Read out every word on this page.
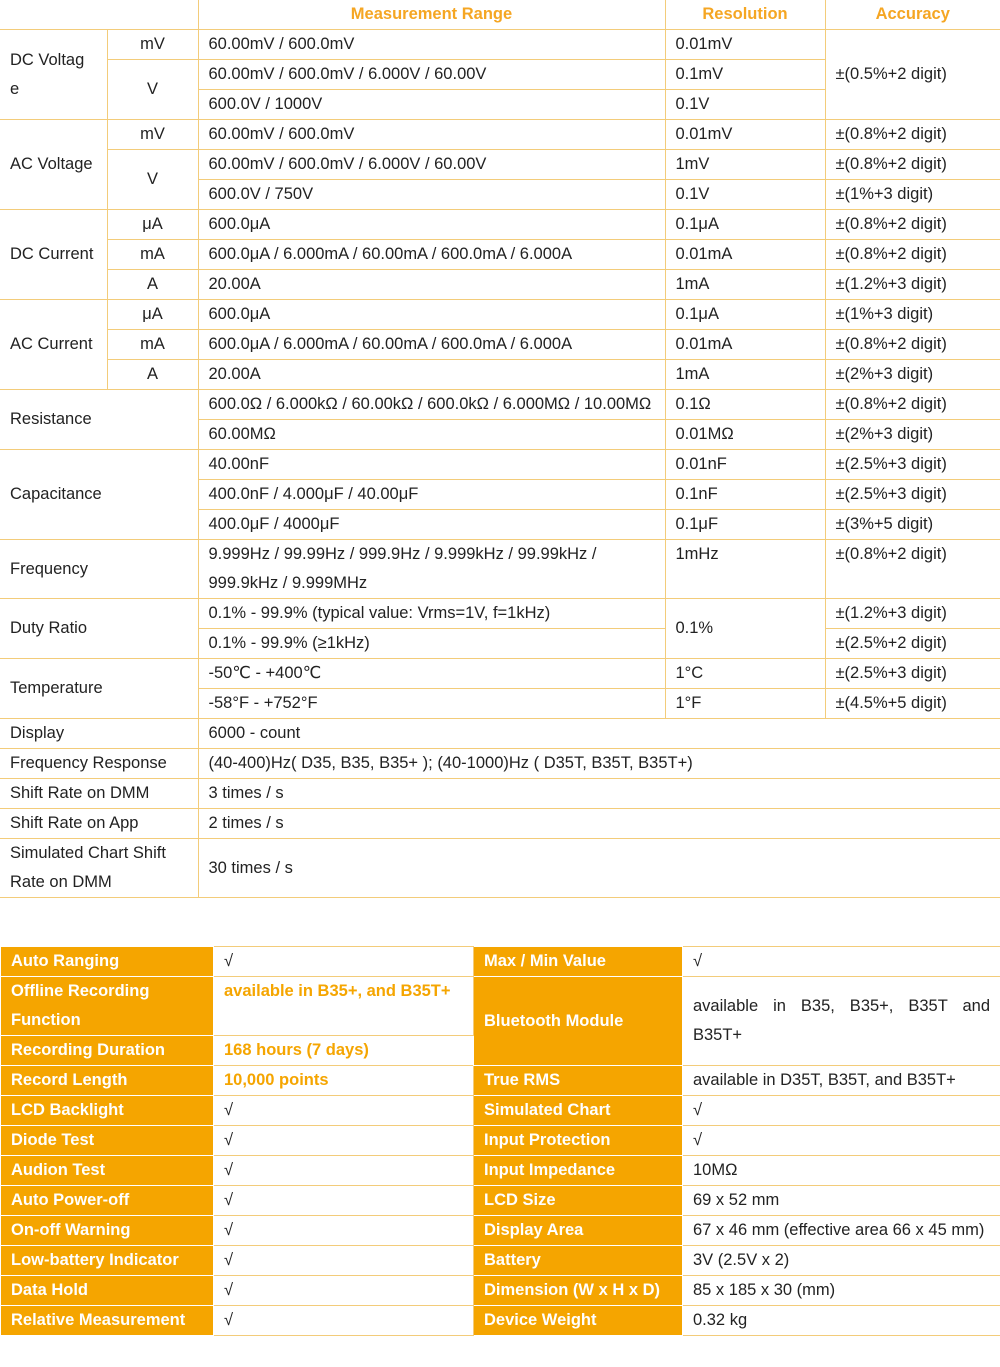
		Measurement Range	Resolution	Accuracy
DC Voltag e	mV	60.00mV / 600.0mV	0.01mV	±(0.5%+2 digit)
	V	60.00mV / 600.0mV / 6.000V / 60.00V	0.1mV	
		600.0V / 1000V	0.1V	
AC Voltage	mV	60.00mV / 600.0mV	0.01mV	±(0.8%+2 digit)
	V	60.00mV / 600.0mV / 6.000V / 60.00V	1mV	±(0.8%+2 digit)
		600.0V / 750V	0.1V	±(1%+3 digit)
DC Current	μA	600.0μA	0.1μA	±(0.8%+2 digit)
	mA	600.0μA / 6.000mA / 60.00mA / 600.0mA / 6.000A	0.01mA	±(0.8%+2 digit)
	A	20.00A	1mA	±(1.2%+3 digit)
AC Current	μA	600.0μA	0.1μA	±(1%+3 digit)
	mA	600.0μA / 6.000mA / 60.00mA / 600.0mA / 6.000A	0.01mA	±(0.8%+2 digit)
	A	20.00A	1mA	±(2%+3 digit)
Resistance		600.0Ω / 6.000kΩ / 60.00kΩ / 600.0kΩ / 6.000MΩ / 10.00MΩ	0.1Ω	±(0.8%+2 digit)
		60.00MΩ	0.01MΩ	±(2%+3 digit)
Capacitance		40.00nF	0.01nF	±(2.5%+3 digit)
		400.0nF / 4.000μF / 40.00μF	0.1nF	±(2.5%+3 digit)
		400.0μF / 4000μF	0.1μF	±(3%+5 digit)
Frequency		9.999Hz / 99.99Hz / 999.9Hz / 9.999kHz / 99.99kHz / 999.9kHz / 9.999MHz	1mHz	±(0.8%+2 digit)
Duty Ratio		0.1% - 99.9% (typical value: Vrms=1V, f=1kHz)	0.1%	±(1.2%+3 digit)
		0.1% - 99.9% (≥1kHz)		±(2.5%+2 digit)
Temperature		-50℃ - +400℃	1°C	±(2.5%+3 digit)
		-58°F - +752°F	1°F	±(4.5%+5 digit)
Display		6000 - count		
Frequency Response		(40-400)Hz( D35, B35, B35+ ); (40-1000)Hz ( D35T, B35T, B35T+)		
Shift Rate on DMM		3 times / s		
Shift Rate on App		2 times / s		
Simulated Chart Shift Rate on DMM		30 times / s		
Auto Ranging	√	Max / Min Value	√
Offline Recording Function	available in B35+, and B35T+	Bluetooth Module	available in B35, B35+, B35T and B35T+
Recording Duration	168 hours (7 days)		
Record Length	10,000 points	True RMS	available in D35T, B35T, and B35T+
LCD Backlight	√	Simulated Chart	√
Diode Test	√	Input Protection	√
Audion Test	√	Input Impedance	10MΩ
Auto Power-off	√	LCD Size	69 x 52 mm
On-off Warning	√	Display Area	67 x 46 mm (effective area 66 x 45 mm)
Low-battery Indicator	√	Battery	3V (2.5V x 2)
Data Hold	√	Dimension (W x H x D)	85 x 185 x 30 (mm)
Relative Measurement	√	Device Weight	0.32 kg
